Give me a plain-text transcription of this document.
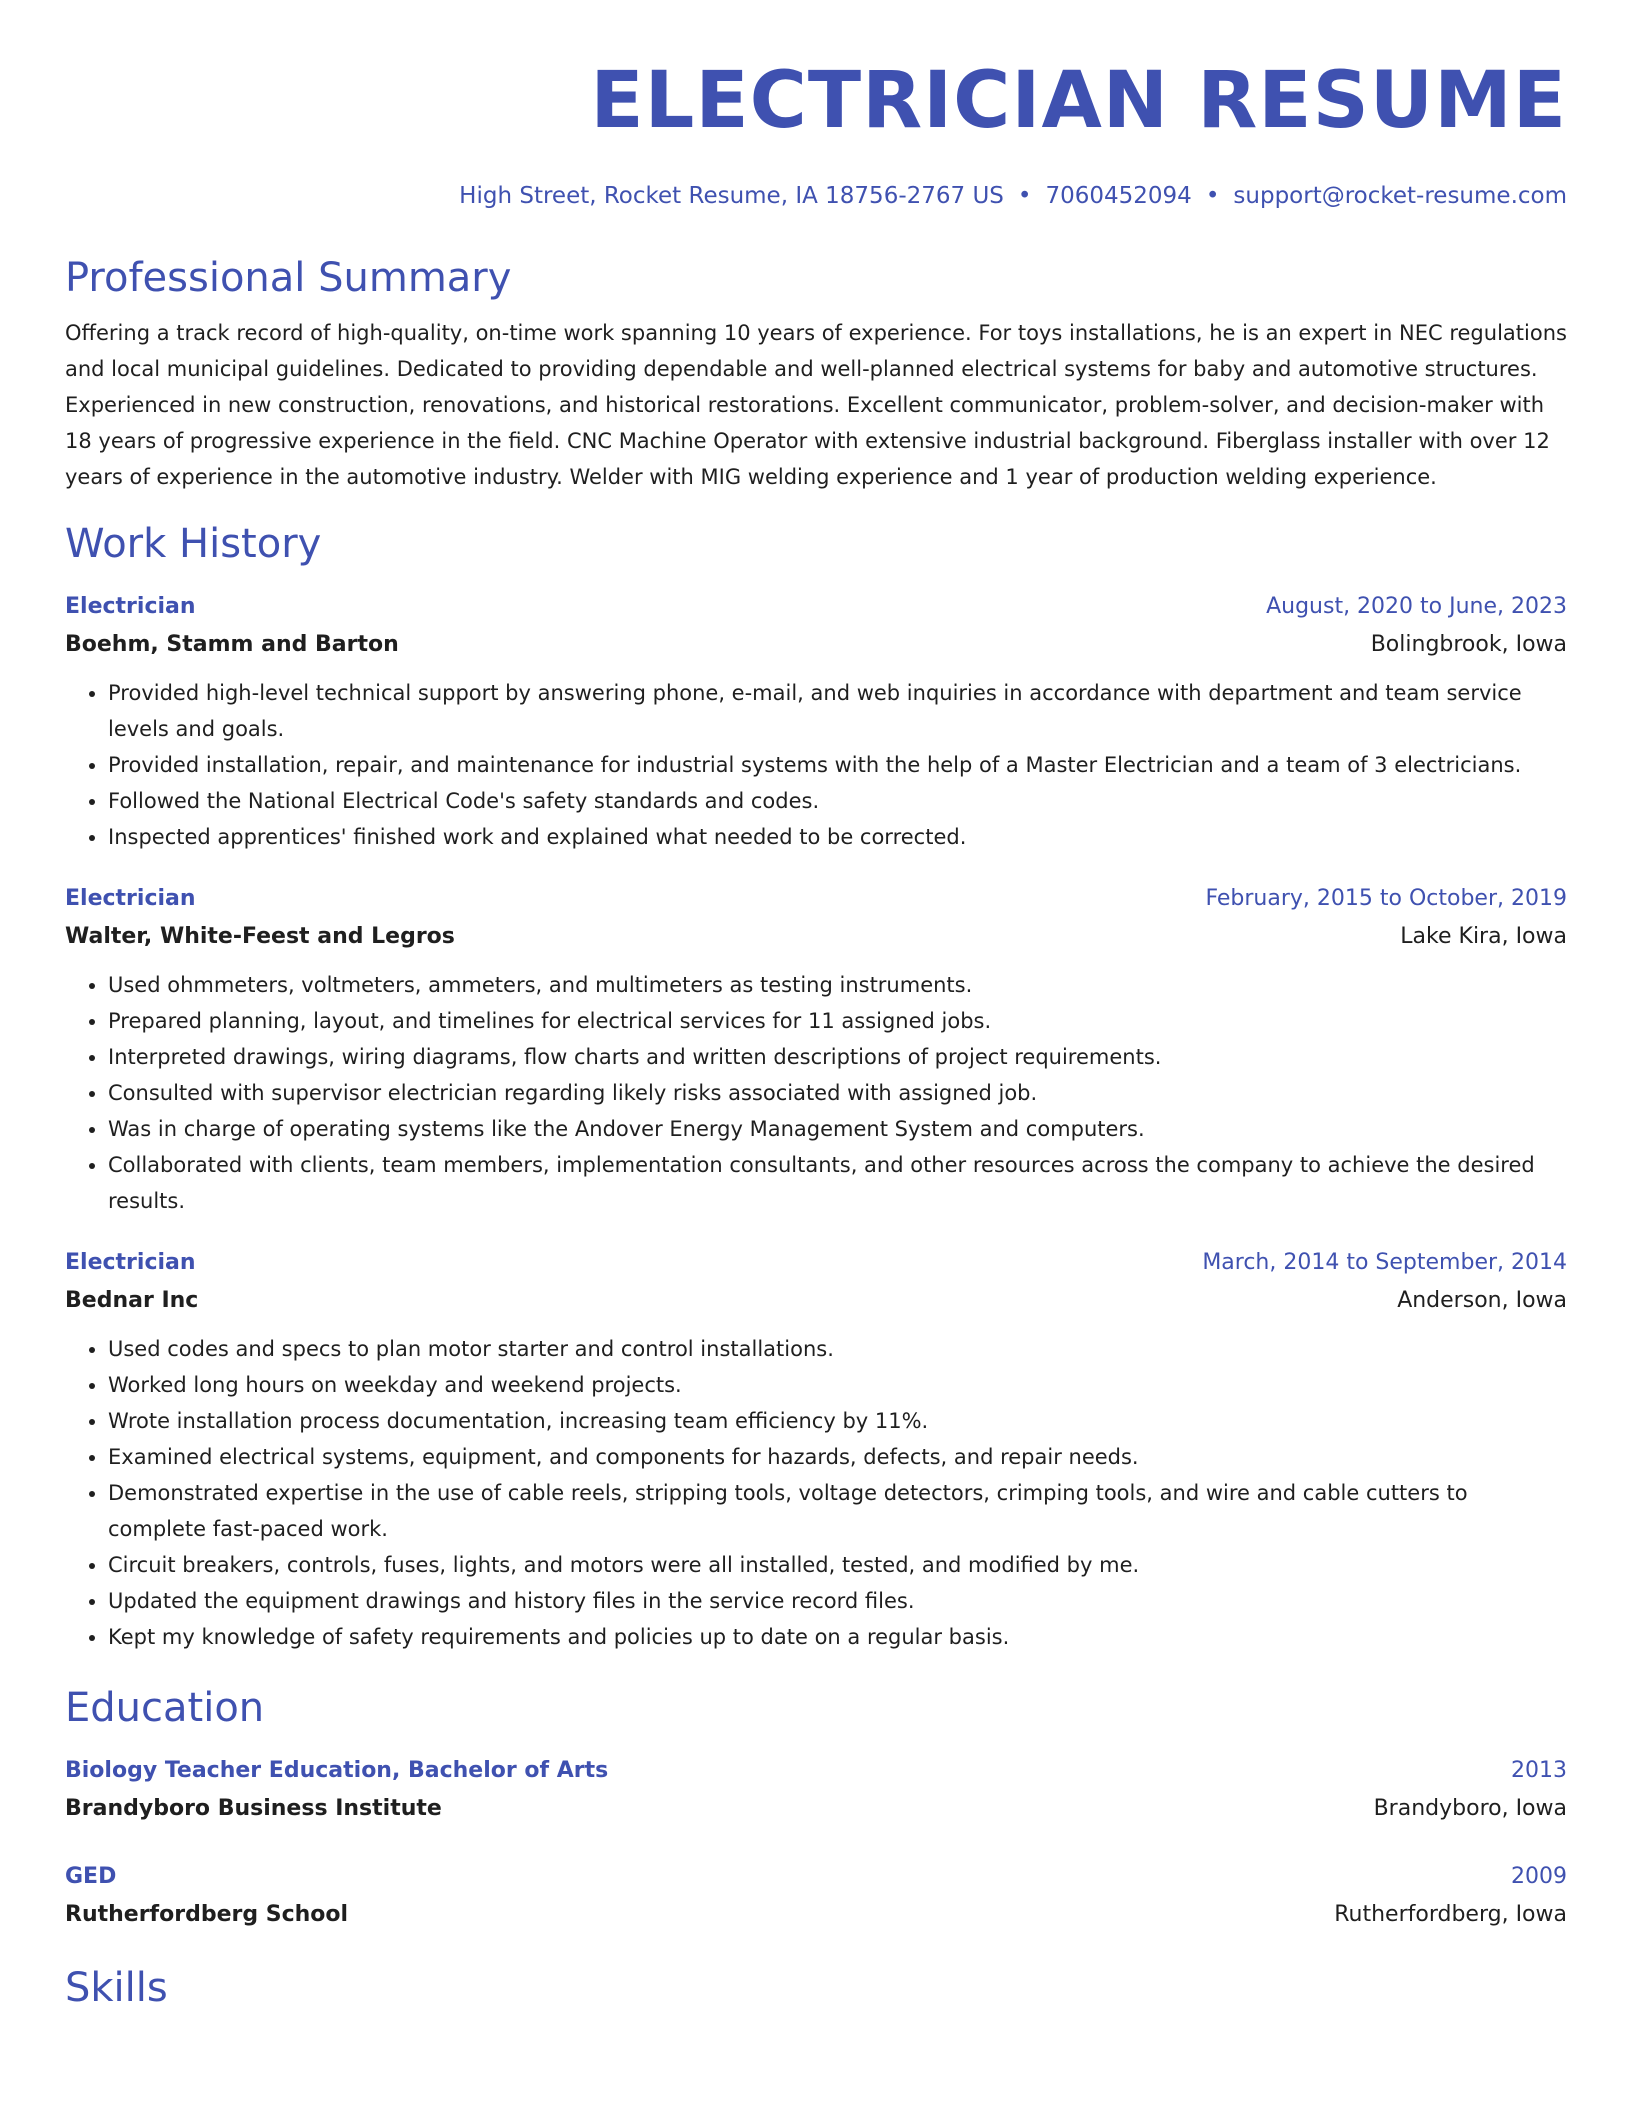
ELECTRICIAN RESUME
High Street, Rocket Resume, IA 18756-2767 US • 7060452094 • support@rocket-resume.com
Professional Summary
Offering a track record of high-quality, on-time work spanning 10 years of experience. For toys installations, he is an expert in NEC regulations and local municipal guidelines. Dedicated to providing dependable and well-planned electrical systems for baby and automotive structures. Experienced in new construction, renovations, and historical restorations. Excellent communicator, problem-solver, and decision-maker with 18 years of progressive experience in the field. CNC Machine Operator with extensive industrial background. Fiberglass installer with over 12 years of experience in the automotive industry. Welder with MIG welding experience and 1 year of production welding experience.
Work History
Electrician	August, 2020 to June, 2023
Boehm, Stamm and Barton	Bolingbrook, Iowa
• Provided high-level technical support by answering phone, e-mail, and web inquiries in accordance with department and team service levels and goals.
• Provided installation, repair, and maintenance for industrial systems with the help of a Master Electrician and a team of 3 electricians.
• Followed the National Electrical Code's safety standards and codes.
• Inspected apprentices' finished work and explained what needed to be corrected.
Electrician	February, 2015 to October, 2019
Walter, White-Feest and Legros	Lake Kira, Iowa
• Used ohmmeters, voltmeters, ammeters, and multimeters as testing instruments.
• Prepared planning, layout, and timelines for electrical services for 11 assigned jobs.
• Interpreted drawings, wiring diagrams, flow charts and written descriptions of project requirements.
• Consulted with supervisor electrician regarding likely risks associated with assigned job.
• Was in charge of operating systems like the Andover Energy Management System and computers.
• Collaborated with clients, team members, implementation consultants, and other resources across the company to achieve the desired results.
Electrician	March, 2014 to September, 2014
Bednar Inc	Anderson, Iowa
• Used codes and specs to plan motor starter and control installations.
• Worked long hours on weekday and weekend projects.
• Wrote installation process documentation, increasing team efficiency by 11%.
• Examined electrical systems, equipment, and components for hazards, defects, and repair needs.
• Demonstrated expertise in the use of cable reels, stripping tools, voltage detectors, crimping tools, and wire and cable cutters to complete fast-paced work.
• Circuit breakers, controls, fuses, lights, and motors were all installed, tested, and modified by me.
• Updated the equipment drawings and history files in the service record files.
• Kept my knowledge of safety requirements and policies up to date on a regular basis.
Education
Biology Teacher Education, Bachelor of Arts	2013
Brandyboro Business Institute	Brandyboro, Iowa
GED	2009
Rutherfordberg School	Rutherfordberg, Iowa
Skills
